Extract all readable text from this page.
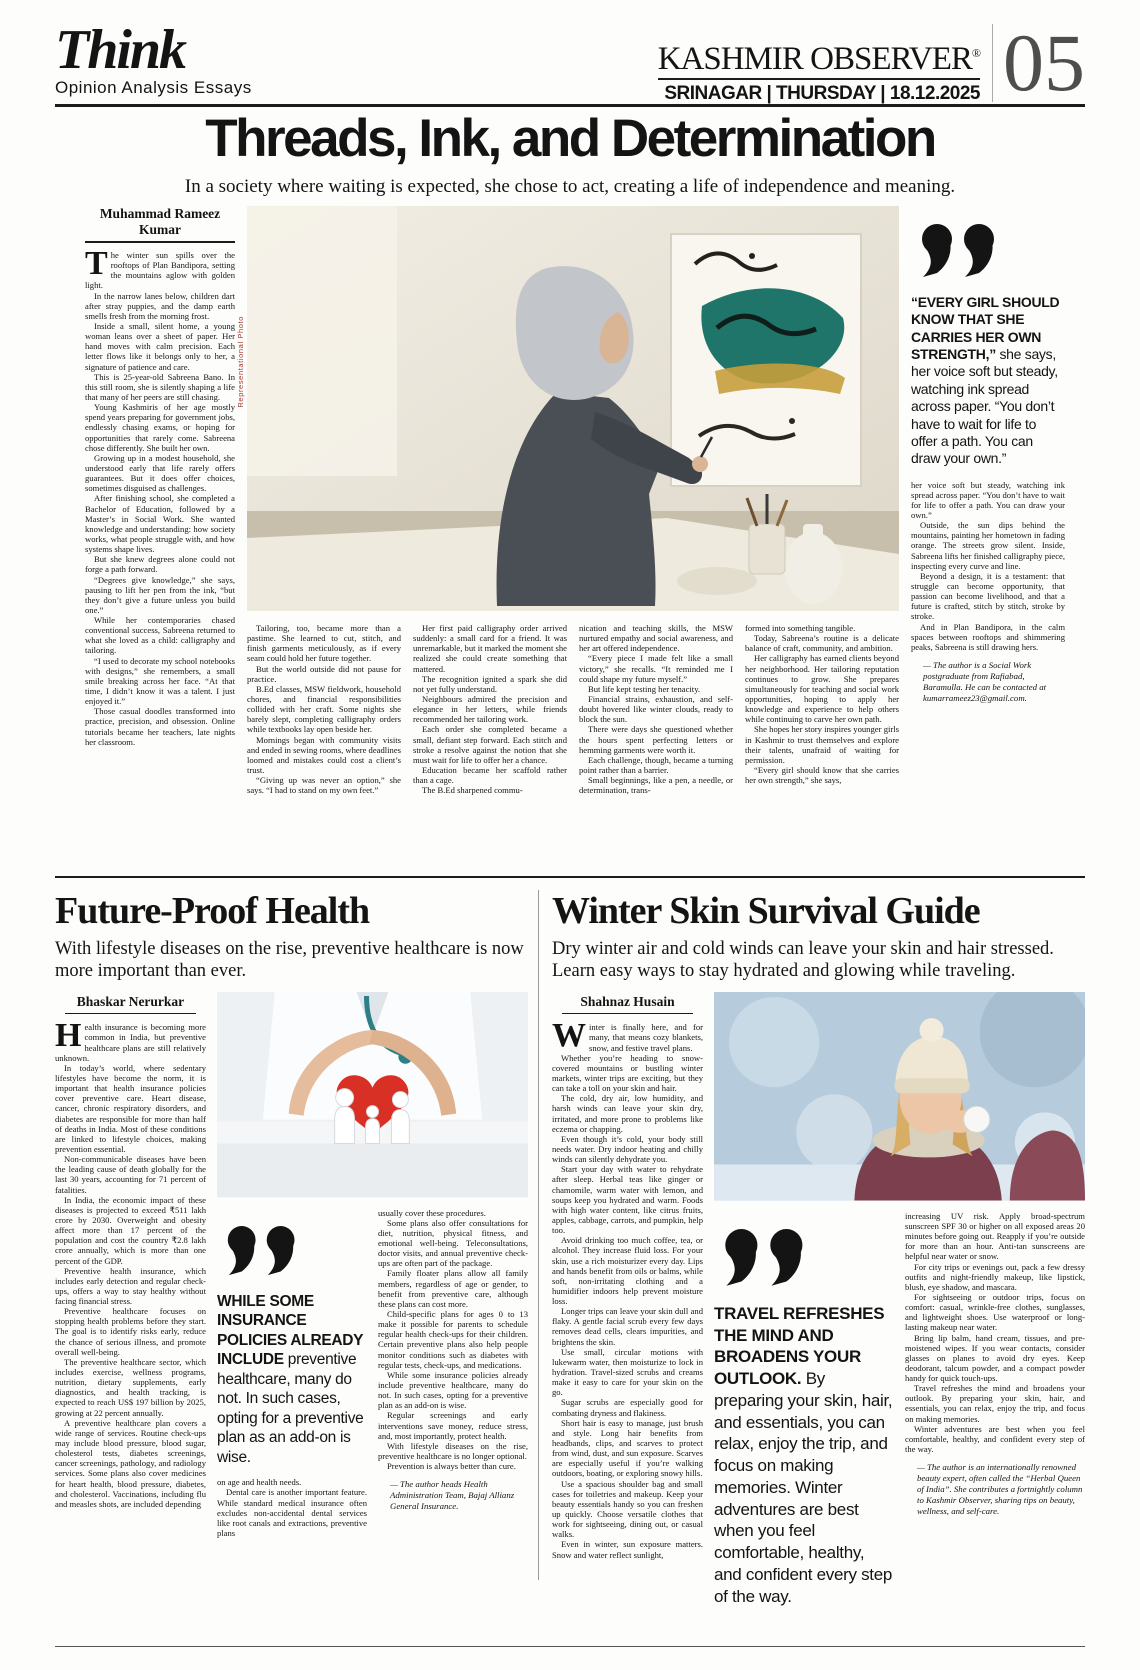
Think
Opinion Analysis Essays
KASHMIR OBSERVER®
SRINAGAR | THURSDAY | 18.12.2025 05
Threads, Ink, and Determination
In a society where waiting is expected, she chose to act, creating a life of independence and meaning.
Muhammad Rameez Kumar

The winter sun spills over the rooftops of Plan Bandipora, setting the mountains aglow with golden light.

In the narrow lanes below, children dart after stray puppies, and the damp earth smells fresh from the morning frost.

Inside a small, silent home, a young woman leans over a sheet of paper. Her hand moves with calm precision. Each letter flows like it belongs only to her, a signature of patience and care.

This is 25-year-old Sabreena Bano. In this still room, she is silently shaping a life that many of her peers are still chasing.

Young Kashmiris of her age mostly spend years preparing for government jobs, endlessly chasing exams, or hoping for opportunities that rarely come. Sabreena chose differently. She built her own.

Growing up in a modest household, she understood early that life rarely offers guarantees. But it does offer choices, sometimes disguised as challenges.

After finishing school, she completed a Bachelor of Education, followed by a Master’s in Social Work. She wanted knowledge and understanding: how society works, what people struggle with, and how systems shape lives.

But she knew degrees alone could not forge a path forward.

“Degrees give knowledge,” she says, pausing to lift her pen from the ink, “but they don’t give a future unless you build one.”

While her contemporaries chased conventional success, Sabreena returned to what she loved as a child: calligraphy and tailoring.

“I used to decorate my school notebooks with designs,” she remembers, a small smile breaking across her face. “At that time, I didn’t know it was a talent. I just enjoyed it.”

Those casual doodles transformed into practice, precision, and obsession. Online tutorials became her teachers, late nights her classroom.

Representational Photo

Tailoring, too, became more than a pastime. She learned to cut, stitch, and finish garments meticulously, as if every seam could hold her future together.

But the world outside did not pause for practice.

B.Ed classes, MSW fieldwork, household chores, and financial responsibilities collided with her craft. Some nights she barely slept, completing calligraphy orders while textbooks lay open beside her.

Mornings began with community visits and ended in sewing rooms, where deadlines loomed and mistakes could cost a client’s trust.

“Giving up was never an option,” she says. “I had to stand on my own feet.”

Her first paid calligraphy order arrived suddenly: a small card for a friend. It was unremarkable, but it marked the moment she realized she could create something that mattered.

The recognition ignited a spark she did not yet fully understand.

Neighbours admired the precision and elegance in her letters, while friends recommended her tailoring work.

Each order she completed became a small, defiant step forward. Each stitch and stroke a resolve against the notion that she must wait for life to offer her a chance.

Education became her scaffold rather than a cage.

The B.Ed sharpened commu-

nication and teaching skills, the MSW nurtured empathy and social awareness, and her art offered independence.

“Every piece I made felt like a small victory,” she recalls. “It reminded me I could shape my future myself.”

But life kept testing her tenacity.

Financial strains, exhaustion, and self-doubt hovered like winter clouds, ready to block the sun.

There were days she questioned whether the hours spent perfecting letters or hemming garments were worth it.

Each challenge, though, became a turning point rather than a barrier.

Small beginnings, like a pen, a needle, or determination, trans-

formed into something tangible.

Today, Sabreena’s routine is a delicate balance of craft, community, and ambition.

Her calligraphy has earned clients beyond her neighborhood. Her tailoring reputation continues to grow. She prepares simultaneously for teaching and social work opportunities, hoping to apply her knowledge and experience to help others while continuing to carve her own path.

She hopes her story inspires younger girls in Kashmir to trust themselves and explore their talents, unafraid of waiting for permission.

“Every girl should know that she carries her own strength,” she says,

“EVERY GIRL SHOULD KNOW THAT SHE CARRIES HER OWN STRENGTH,” she says, her voice soft but steady, watching ink spread across paper. “You don’t have to wait for life to offer a path. You can draw your own.”

her voice soft but steady, watching ink spread across paper. “You don’t have to wait for life to offer a path. You can draw your own.”

Outside, the sun dips behind the mountains, painting her hometown in fading orange. The streets grow silent. Inside, Sabreena lifts her finished calligraphy piece, inspecting every curve and line.

Beyond a design, it is a testament: that struggle can become opportunity, that passion can become livelihood, and that a future is crafted, stitch by stitch, stroke by stroke.

And in Plan Bandipora, in the calm spaces between rooftops and shimmering peaks, Sabreena is still drawing hers.

— The author is a Social Work postgraduate from Rafiabad, Baramulla. He can be contacted at kumarrameez23@gmail.com.
Future-Proof Health
With lifestyle diseases on the rise, preventive healthcare is now more important than ever.
Bhaskar Nerurkar

Health insurance is becoming more common in India, but preventive healthcare plans are still relatively unknown.

In today’s world, where sedentary lifestyles have become the norm, it is important that health insurance policies cover preventive care. Heart disease, cancer, chronic respiratory disorders, and diabetes are responsible for more than half of deaths in India. Most of these conditions are linked to lifestyle choices, making prevention essential.

Non-communicable diseases have been the leading cause of death globally for the last 30 years, accounting for 71 percent of fatalities.

In India, the economic impact of these diseases is projected to exceed ₹511 lakh crore by 2030. Overweight and obesity affect more than 17 percent of the population and cost the country ₹2.8 lakh crore annually, which is more than one percent of the GDP.

Preventive health insurance, which includes early detection and regular check-ups, offers a way to stay healthy without facing financial stress.

Preventive healthcare focuses on stopping health problems before they start. The goal is to identify risks early, reduce the chance of serious illness, and promote overall well-being.

The preventive healthcare sector, which includes exercise, wellness programs, nutrition, dietary supplements, early diagnostics, and health tracking, is expected to reach US$ 197 billion by 2025, growing at 22 percent annually.

A preventive healthcare plan covers a wide range of services. Routine check-ups may include blood pressure, blood sugar, cholesterol tests, diabetes screenings, cancer screenings, pathology, and radiology services. Some plans also cover medicines for heart health, blood pressure, diabetes, and cholesterol. Vaccinations, including flu and measles shots, are included depending

WHILE SOME INSURANCE POLICIES ALREADY INCLUDE preventive healthcare, many do not. In such cases, opting for a preventive plan as an add-on is wise.

on age and health needs.

Dental care is another important feature. While standard medical insurance often excludes non-accidental dental services like root canals and extractions, preventive plans

usually cover these procedures.

Some plans also offer consultations for diet, nutrition, physical fitness, and emotional well-being. Teleconsultations, doctor visits, and annual preventive check-ups are often part of the package.

Family floater plans allow all family members, regardless of age or gender, to benefit from preventive care, although these plans can cost more.

Child-specific plans for ages 0 to 13 make it possible for parents to schedule regular health check-ups for their children. Certain preventive plans also help people monitor conditions such as diabetes with regular tests, check-ups, and medications.

While some insurance policies already include preventive healthcare, many do not. In such cases, opting for a preventive plan as an add-on is wise.

Regular screenings and early interventions save money, reduce stress, and, most importantly, protect health.

With lifestyle diseases on the rise, preventive healthcare is no longer optional.

Prevention is always better than cure.

— The author heads Health Administration Team, Bajaj Allianz General Insurance.
Winter Skin Survival Guide
Dry winter air and cold winds can leave your skin and hair stressed. Learn easy ways to stay hydrated and glowing while traveling.
Shahnaz Husain

Winter is finally here, and for many, that means cozy blankets, snow, and festive travel plans.

Whether you’re heading to snow-covered mountains or bustling winter markets, winter trips are exciting, but they can take a toll on your skin and hair.

The cold, dry air, low humidity, and harsh winds can leave your skin dry, irritated, and more prone to problems like eczema or chapping.

Even though it’s cold, your body still needs water. Dry indoor heating and chilly winds can silently dehydrate you.

Start your day with water to rehydrate after sleep. Herbal teas like ginger or chamomile, warm water with lemon, and soups keep you hydrated and warm. Foods with high water content, like citrus fruits, apples, cabbage, carrots, and pumpkin, help too.

Avoid drinking too much coffee, tea, or alcohol. They increase fluid loss. For your skin, use a rich moisturizer every day. Lips and hands benefit from oils or balms, while soft, non-irritating clothing and a humidifier indoors help prevent moisture loss.

Longer trips can leave your skin dull and flaky. A gentle facial scrub every few days removes dead cells, clears impurities, and brightens the skin.

Use small, circular motions with lukewarm water, then moisturize to lock in hydration. Travel-sized scrubs and creams make it easy to care for your skin on the go.

Sugar scrubs are especially good for combating dryness and flakiness.

Short hair is easy to manage, just brush and style. Long hair benefits from headbands, clips, and scarves to protect from wind, dust, and sun exposure. Scarves are especially useful if you’re walking outdoors, boating, or exploring snowy hills.

Use a spacious shoulder bag and small cases for toiletries and makeup. Keep your beauty essentials handy so you can freshen up quickly. Choose versatile clothes that work for sightseeing, dining out, or casual walks.

Even in winter, sun exposure matters. Snow and water reflect sunlight,

TRAVEL REFRESHES THE MIND AND BROADENS YOUR OUTLOOK. By preparing your skin, hair, and essentials, you can relax, enjoy the trip, and focus on making memories. Winter adventures are best when you feel comfortable, healthy, and confident every step of the way.

increasing UV risk. Apply broad-spectrum sunscreen SPF 30 or higher on all exposed areas 20 minutes before going out. Reapply if you’re outside for more than an hour. Anti-tan sunscreens are helpful near water or snow.

For city trips or evenings out, pack a few dressy outfits and night-friendly makeup, like lipstick, blush, eye shadow, and mascara.

For sightseeing or outdoor trips, focus on comfort: casual, wrinkle-free clothes, sunglasses, and lightweight shoes. Use waterproof or long-lasting makeup near water.

Bring lip balm, hand cream, tissues, and pre-moistened wipes. If you wear contacts, consider glasses on planes to avoid dry eyes. Keep deodorant, talcum powder, and a compact powder handy for quick touch-ups.

Travel refreshes the mind and broadens your outlook. By preparing your skin, hair, and essentials, you can relax, enjoy the trip, and focus on making memories.

Winter adventures are best when you feel comfortable, healthy, and confident every step of the way.

— The author is an internationally renowned beauty expert, often called the “Herbal Queen of India”. She contributes a fortnightly column to Kashmir Observer, sharing tips on beauty, wellness, and self-care.
